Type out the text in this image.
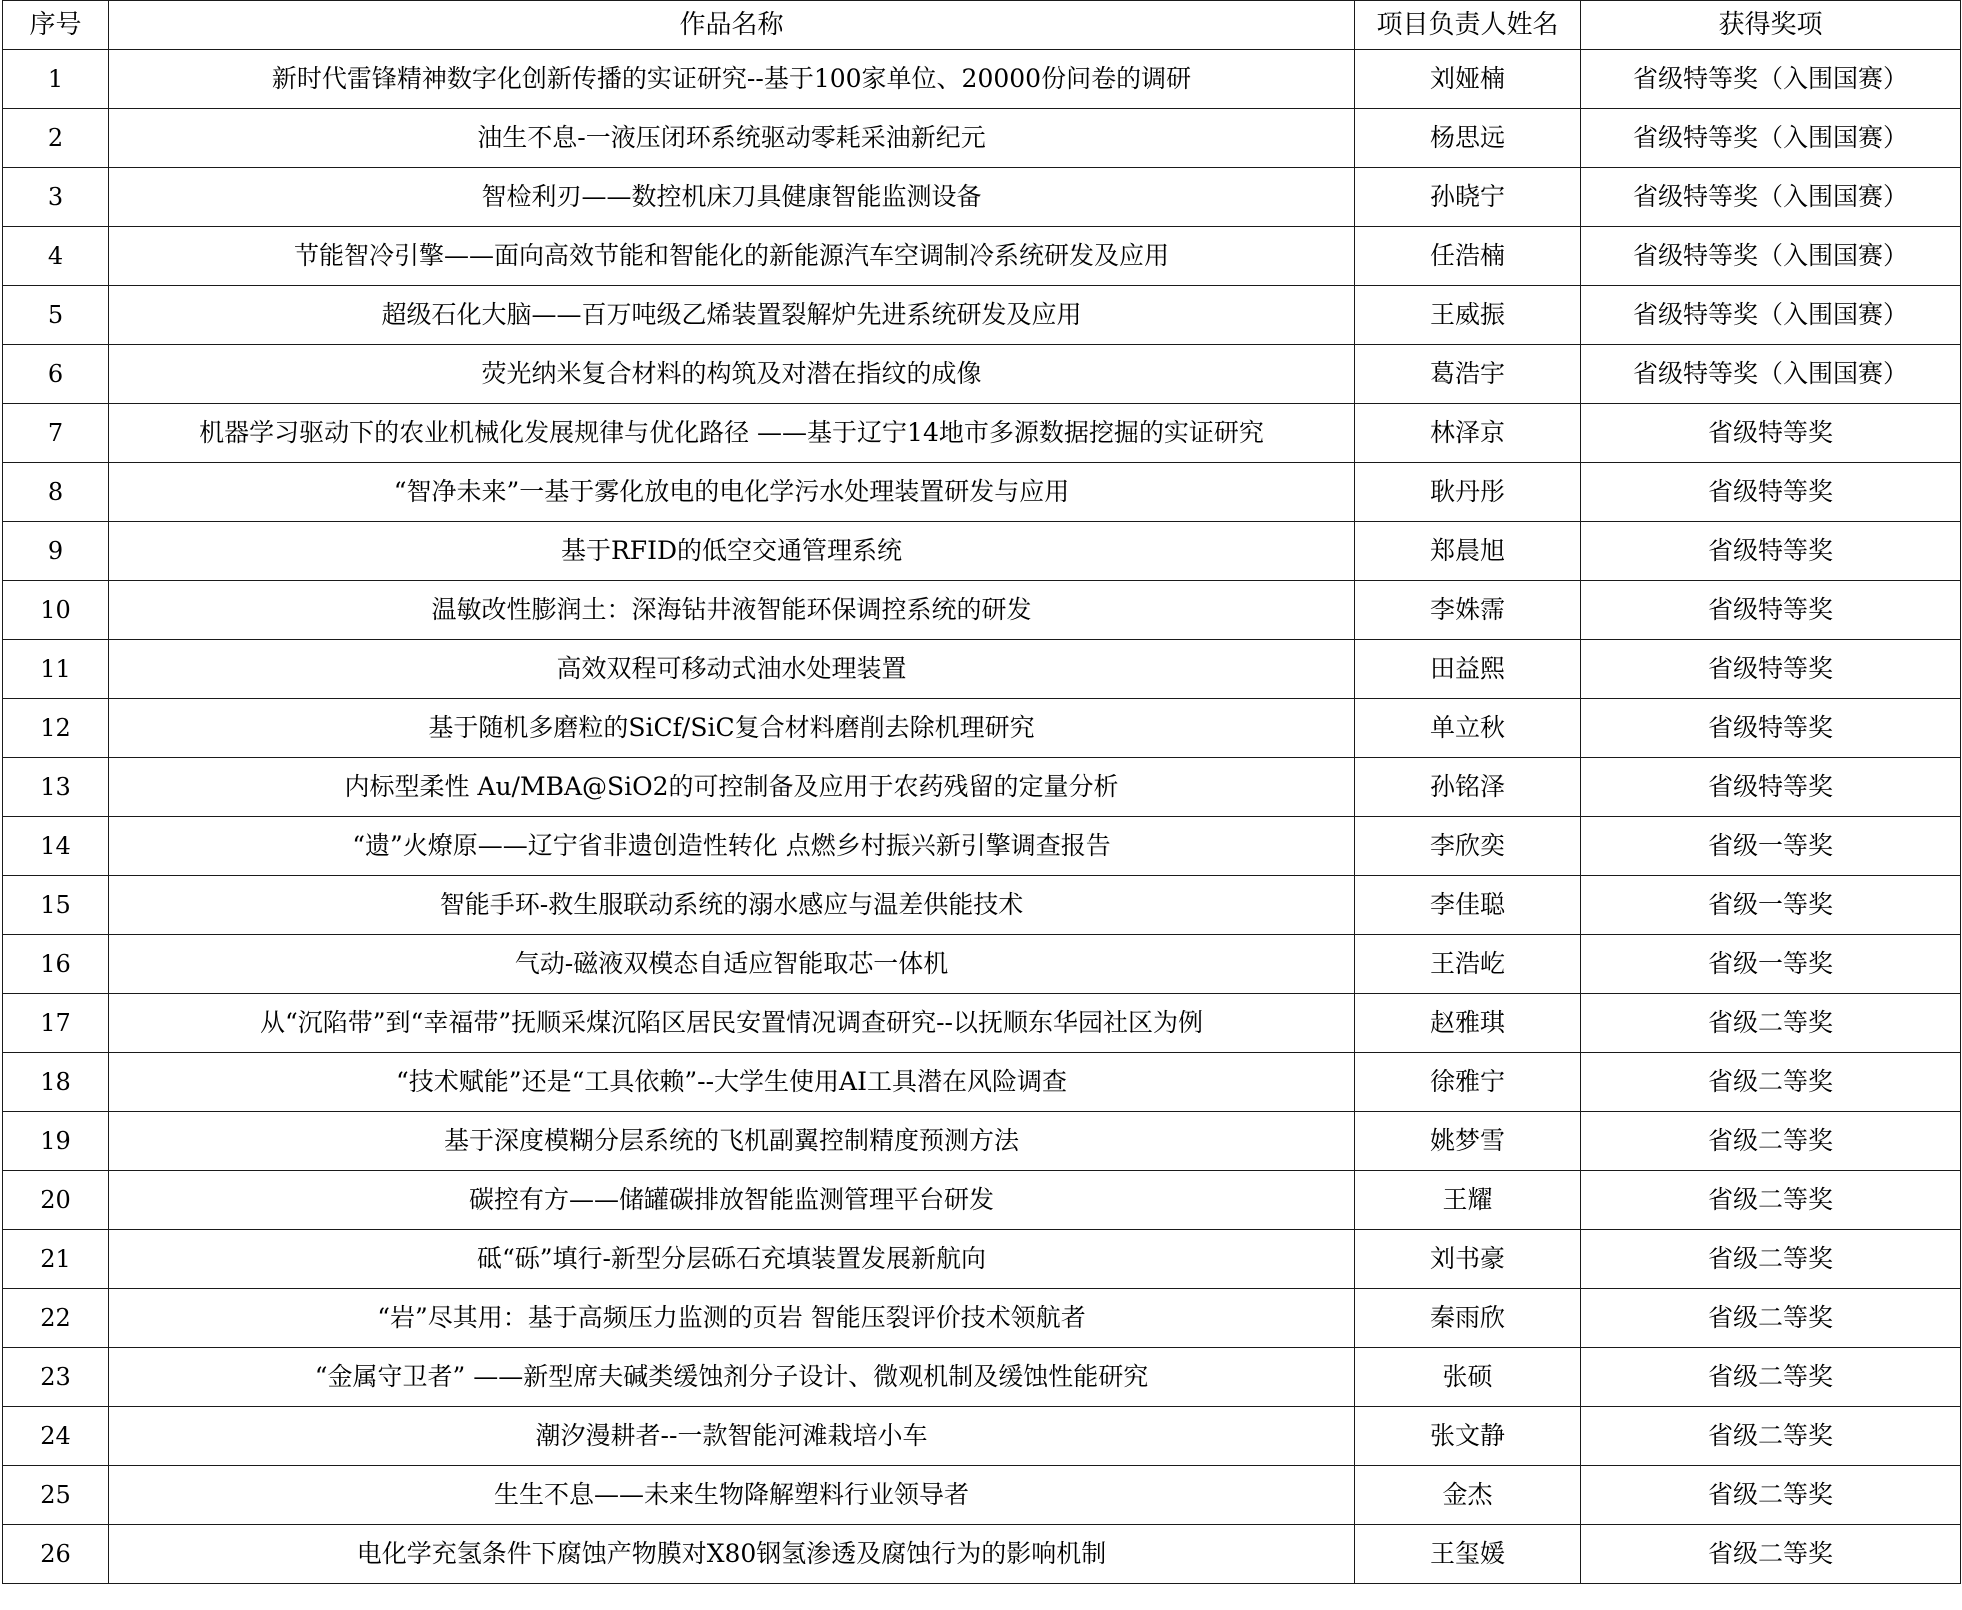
序号	作品名称	项目负责人姓名	获得奖项
1	新时代雷锋精神数字化创新传播的实证研究--基于100家单位、20000份问卷的调研	刘娅楠	省级特等奖（入围国赛）
2	油生不息-一液压闭环系统驱动零耗采油新纪元	杨思远	省级特等奖（入围国赛）
3	智检利刃——数控机床刀具健康智能监测设备	孙晓宁	省级特等奖（入围国赛）
4	节能智冷引擎——面向高效节能和智能化的新能源汽车空调制冷系统研发及应用	任浩楠	省级特等奖（入围国赛）
5	超级石化大脑——百万吨级乙烯装置裂解炉先进系统研发及应用	王威振	省级特等奖（入围国赛）
6	荧光纳米复合材料的构筑及对潜在指纹的成像	葛浩宇	省级特等奖（入围国赛）
7	机器学习驱动下的农业机械化发展规律与优化路径 ——基于辽宁14地市多源数据挖掘的实证研究	林泽京	省级特等奖
8	“智净未来”一基于雾化放电的电化学污水处理装置研发与应用	耿丹彤	省级特等奖
9	基于RFID的低空交通管理系统	郑晨旭	省级特等奖
10	温敏改性膨润土：深海钻井液智能环保调控系统的研发	李姝霈	省级特等奖
11	高效双程可移动式油水处理装置	田益熙	省级特等奖
12	基于随机多磨粒的SiCf/SiC复合材料磨削去除机理研究	单立秋	省级特等奖
13	内标型柔性 Au/MBA@SiO2的可控制备及应用于农药残留的定量分析	孙铭泽	省级特等奖
14	“遗”火燎原——辽宁省非遗创造性转化 点燃乡村振兴新引擎调查报告	李欣奕	省级一等奖
15	智能手环-救生服联动系统的溺水感应与温差供能技术	李佳聪	省级一等奖
16	气动-磁液双模态自适应智能取芯一体机	王浩屹	省级一等奖
17	从“沉陷带”到“幸福带”抚顺采煤沉陷区居民安置情况调查研究--以抚顺东华园社区为例	赵雅琪	省级二等奖
18	“技术赋能”还是“工具依赖”--大学生使用AI工具潜在风险调查	徐雅宁	省级二等奖
19	基于深度模糊分层系统的飞机副翼控制精度预测方法	姚梦雪	省级二等奖
20	碳控有方——储罐碳排放智能监测管理平台研发	王耀	省级二等奖
21	砥“砾”填行-新型分层砾石充填装置发展新航向	刘书豪	省级二等奖
22	“岩”尽其用：基于高频压力监测的页岩 智能压裂评价技术领航者	秦雨欣	省级二等奖
23	“金属守卫者” ——新型席夫碱类缓蚀剂分子设计、微观机制及缓蚀性能研究	张硕	省级二等奖
24	潮汐漫耕者--一款智能河滩栽培小车	张文静	省级二等奖
25	生生不息——未来生物降解塑料行业领导者	金杰	省级二等奖
26	电化学充氢条件下腐蚀产物膜对X80钢氢渗透及腐蚀行为的影响机制	王玺媛	省级二等奖
